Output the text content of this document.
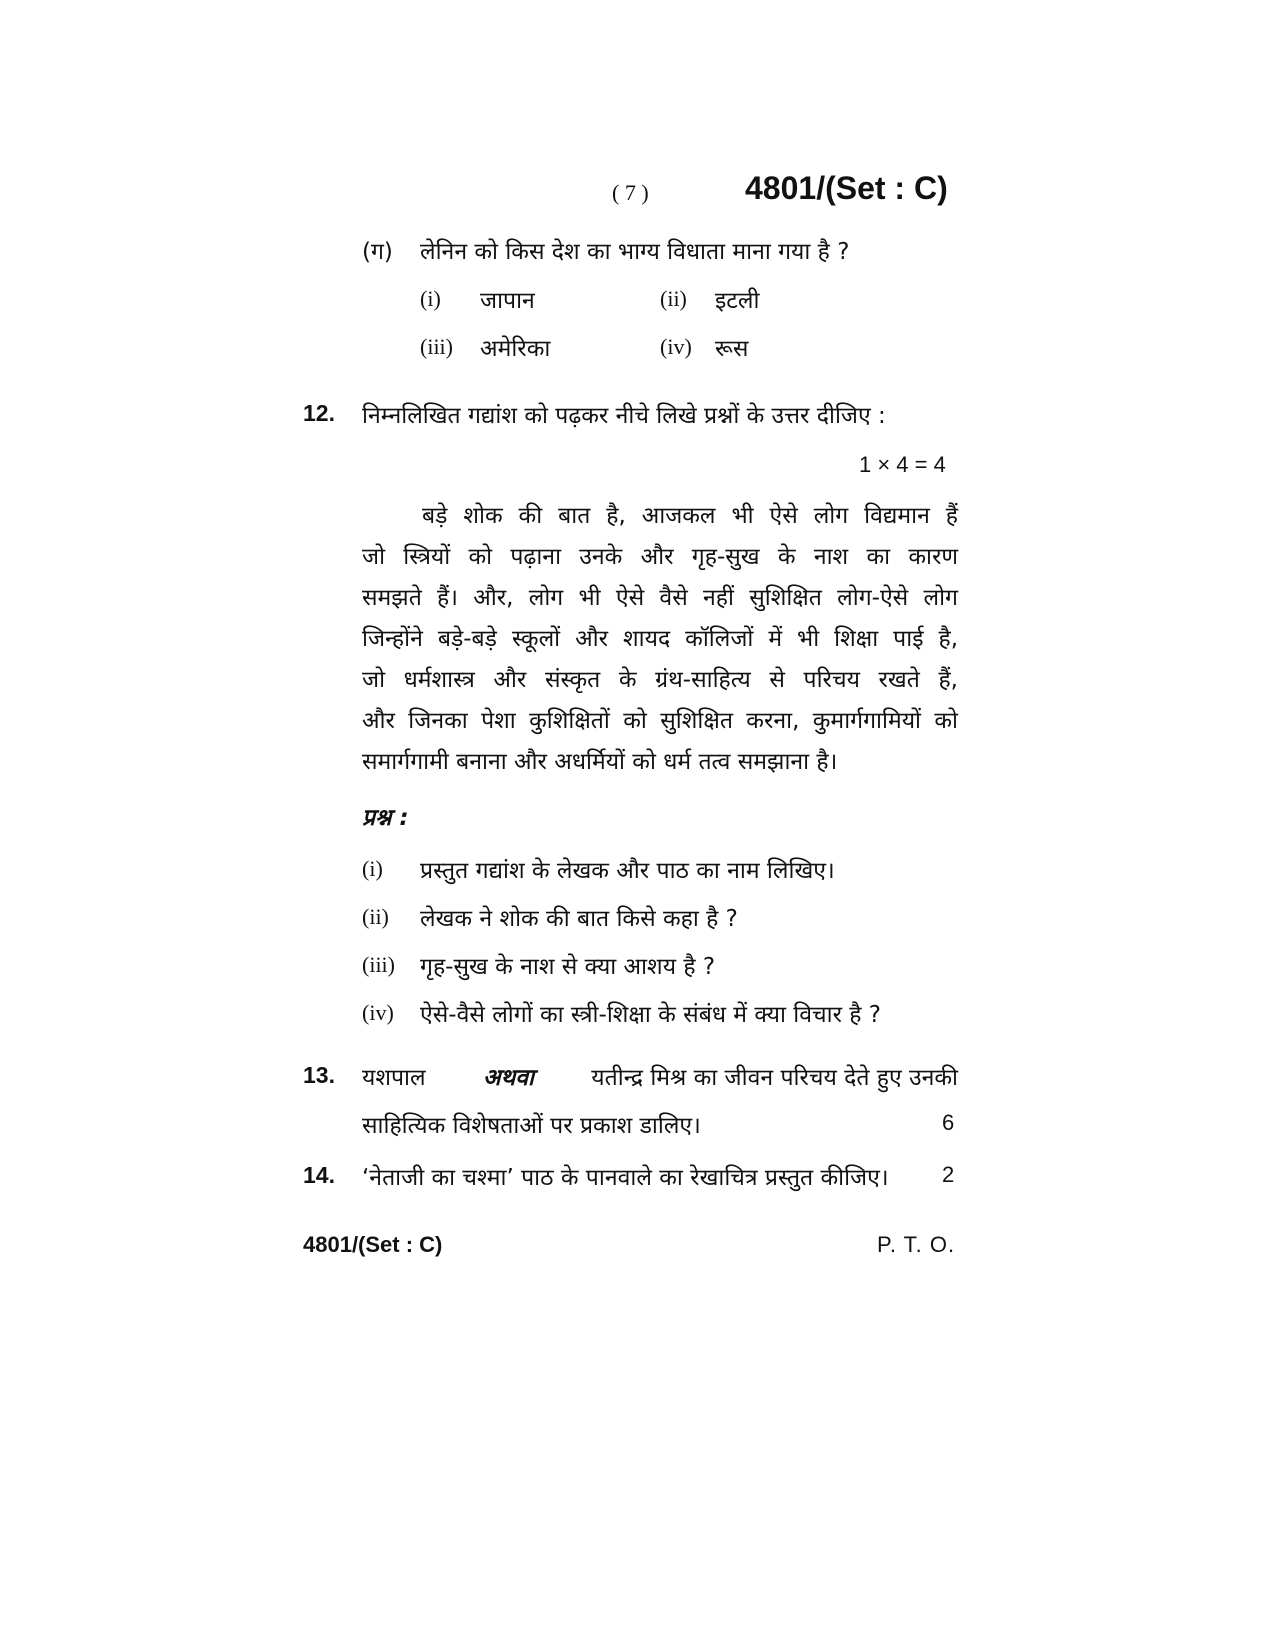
( 7 )	4801/(Set : C)
(ग) लेनिन को किस देश का भाग्य विधाता माना गया है ?
(i) जापान	(ii) इटली
(iii) अमेरिका	(iv) रूस
12. निम्नलिखित गद्यांश को पढ़कर नीचे लिखे प्रश्नों के उत्तर दीजिए :
1 × 4 = 4
बड़े शोक की बात है, आजकल भी ऐसे लोग विद्यमान हैं
जो स्त्रियों को पढ़ाना उनके और गृह-सुख के नाश का कारण
समझते हैं। और, लोग भी ऐसे वैसे नहीं सुशिक्षित लोग-ऐसे लोग
जिन्होंने बड़े-बड़े स्कूलों और शायद कॉलिजों में भी शिक्षा पाई है,
जो धर्मशास्त्र और संस्कृत के ग्रंथ-साहित्य से परिचय रखते हैं,
और जिनका पेशा कुशिक्षितों को सुशिक्षित करना, कुमार्गगामियों को
समार्गगामी बनाना और अधर्मियों को धर्म तत्व समझाना है।
प्रश्न :
(i) प्रस्तुत गद्यांश के लेखक और पाठ का नाम लिखिए।
(ii) लेखक ने शोक की बात किसे कहा है ?
(iii) गृह-सुख के नाश से क्या आशय है ?
(iv) ऐसे-वैसे लोगों का स्त्री-शिक्षा के संबंध में क्या विचार है ?
13. यशपाल अथवा यतीन्द्र मिश्र का जीवन परिचय देते हुए उनकी
साहित्यिक विशेषताओं पर प्रकाश डालिए।	6
14. ‘नेताजी का चश्मा’ पाठ के पानवाले का रेखाचित्र प्रस्तुत कीजिए। 2
4801/(Set : C)	P. T. O.
